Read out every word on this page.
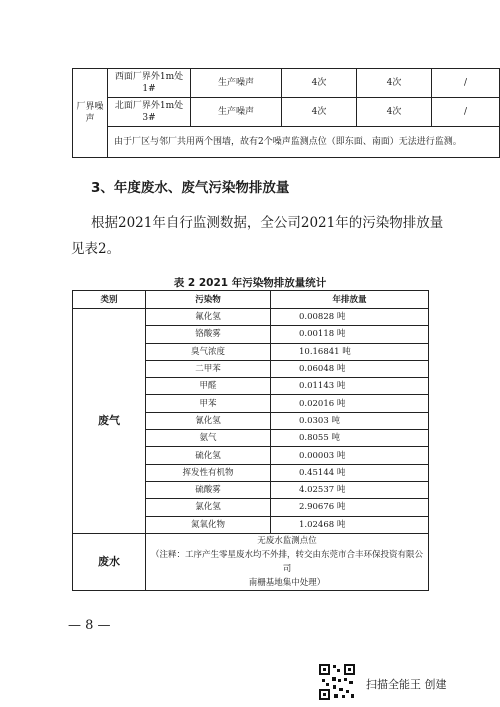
厂界噪声	西面厂界外1m处1#	生产噪声	4次	4次	/
	北面厂界外1m处3#	生产噪声	4次	4次	/
	由于厂区与邻厂共用两个围墙，故有2个噪声监测点位（即东面、南面）无法进行监测。				
3、年度废水、废气污染物排放量
根据2021年自行监测数据，全公司2021年的污染物排放量见表2。
表 2 2021 年污染物排放量统计
类别	污染物	年排放量
废气	氟化氢	0.00828 吨
	铬酸雾	0.00118 吨
	臭气浓度	10.16841 吨
	二甲苯	0.06048 吨
	甲醛	0.01143 吨
	甲苯	0.02016 吨
	氰化氢	0.0303 吨
	氨气	0.8055 吨
	硫化氢	0.00003 吨
	挥发性有机物	0.45144 吨
	硫酸雾	4.02537 吨
	氯化氢	2.90676 吨
	氮氧化物	1.02468 吨
废水	无废水监测点位
（注释：工序产生零星废水均不外排，转交由东莞市合丰环保投资有限公司
南栅基地集中处理）	
— 8 —
扫描全能王 创建
